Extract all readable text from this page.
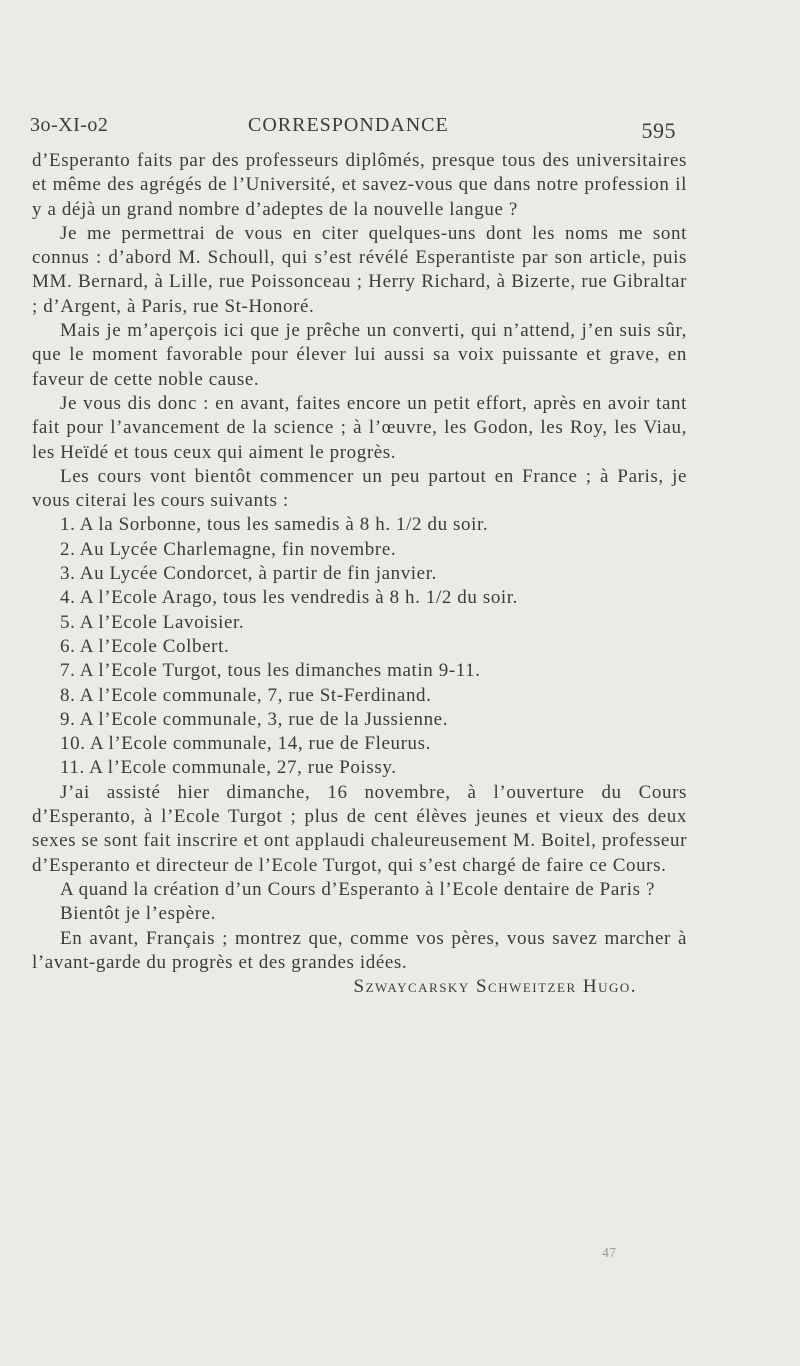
3o-XI-o2	CORRESPONDANCE	595

d’Esperanto faits par des professeurs diplômés, presque tous des universitaires et même des agrégés de l’Université, et savez-vous que dans notre profession il y a déjà un grand nombre d’adeptes de la nouvelle langue ?

Je me permettrai de vous en citer quelques-uns dont les noms me sont connus : d’abord M. Schoull, qui s’est révélé Esperantiste par son article, puis MM. Bernard, à Lille, rue Poissonceau ; Herry Richard, à Bizerte, rue Gibraltar ; d’Argent, à Paris, rue St-Honoré.

Mais je m’aperçois ici que je prêche un converti, qui n’attend, j’en suis sûr, que le moment favorable pour élever lui aussi sa voix puissante et grave, en faveur de cette noble cause.

Je vous dis donc : en avant, faites encore un petit effort, après en avoir tant fait pour l’avancement de la science ; à l’œuvre, les Godon, les Roy, les Viau, les Heïdé et tous ceux qui aiment le progrès.

Les cours vont bientôt commencer un peu partout en France ; à Paris, je vous citerai les cours suivants :

1. A la Sorbonne, tous les samedis à 8 h. 1/2 du soir.
2. Au Lycée Charlemagne, fin novembre.
3. Au Lycée Condorcet, à partir de fin janvier.
4. A l’Ecole Arago, tous les vendredis à 8 h. 1/2 du soir.
5. A l’Ecole Lavoisier.
6. A l’Ecole Colbert.
7. A l’Ecole Turgot, tous les dimanches matin 9-11.
8. A l’Ecole communale, 7, rue St-Ferdinand.
9. A l’Ecole communale, 3, rue de la Jussienne.
10. A l’Ecole communale, 14, rue de Fleurus.
11. A l’Ecole communale, 27, rue Poissy.

J’ai assisté hier dimanche, 16 novembre, à l’ouverture du Cours d’Esperanto, à l’Ecole Turgot ; plus de cent élèves jeunes et vieux des deux sexes se sont fait inscrire et ont applaudi chaleureusement M. Boitel, professeur d’Esperanto et directeur de l’Ecole Turgot, qui s’est chargé de faire ce Cours.

A quand la création d’un Cours d’Esperanto à l’Ecole dentaire de Paris ?

Bientôt je l’espère.

En avant, Français ; montrez que, comme vos pères, vous savez marcher à l’avant-garde du progrès et des grandes idées.

Szwaycarsky Schweitzer Hugo.

47
